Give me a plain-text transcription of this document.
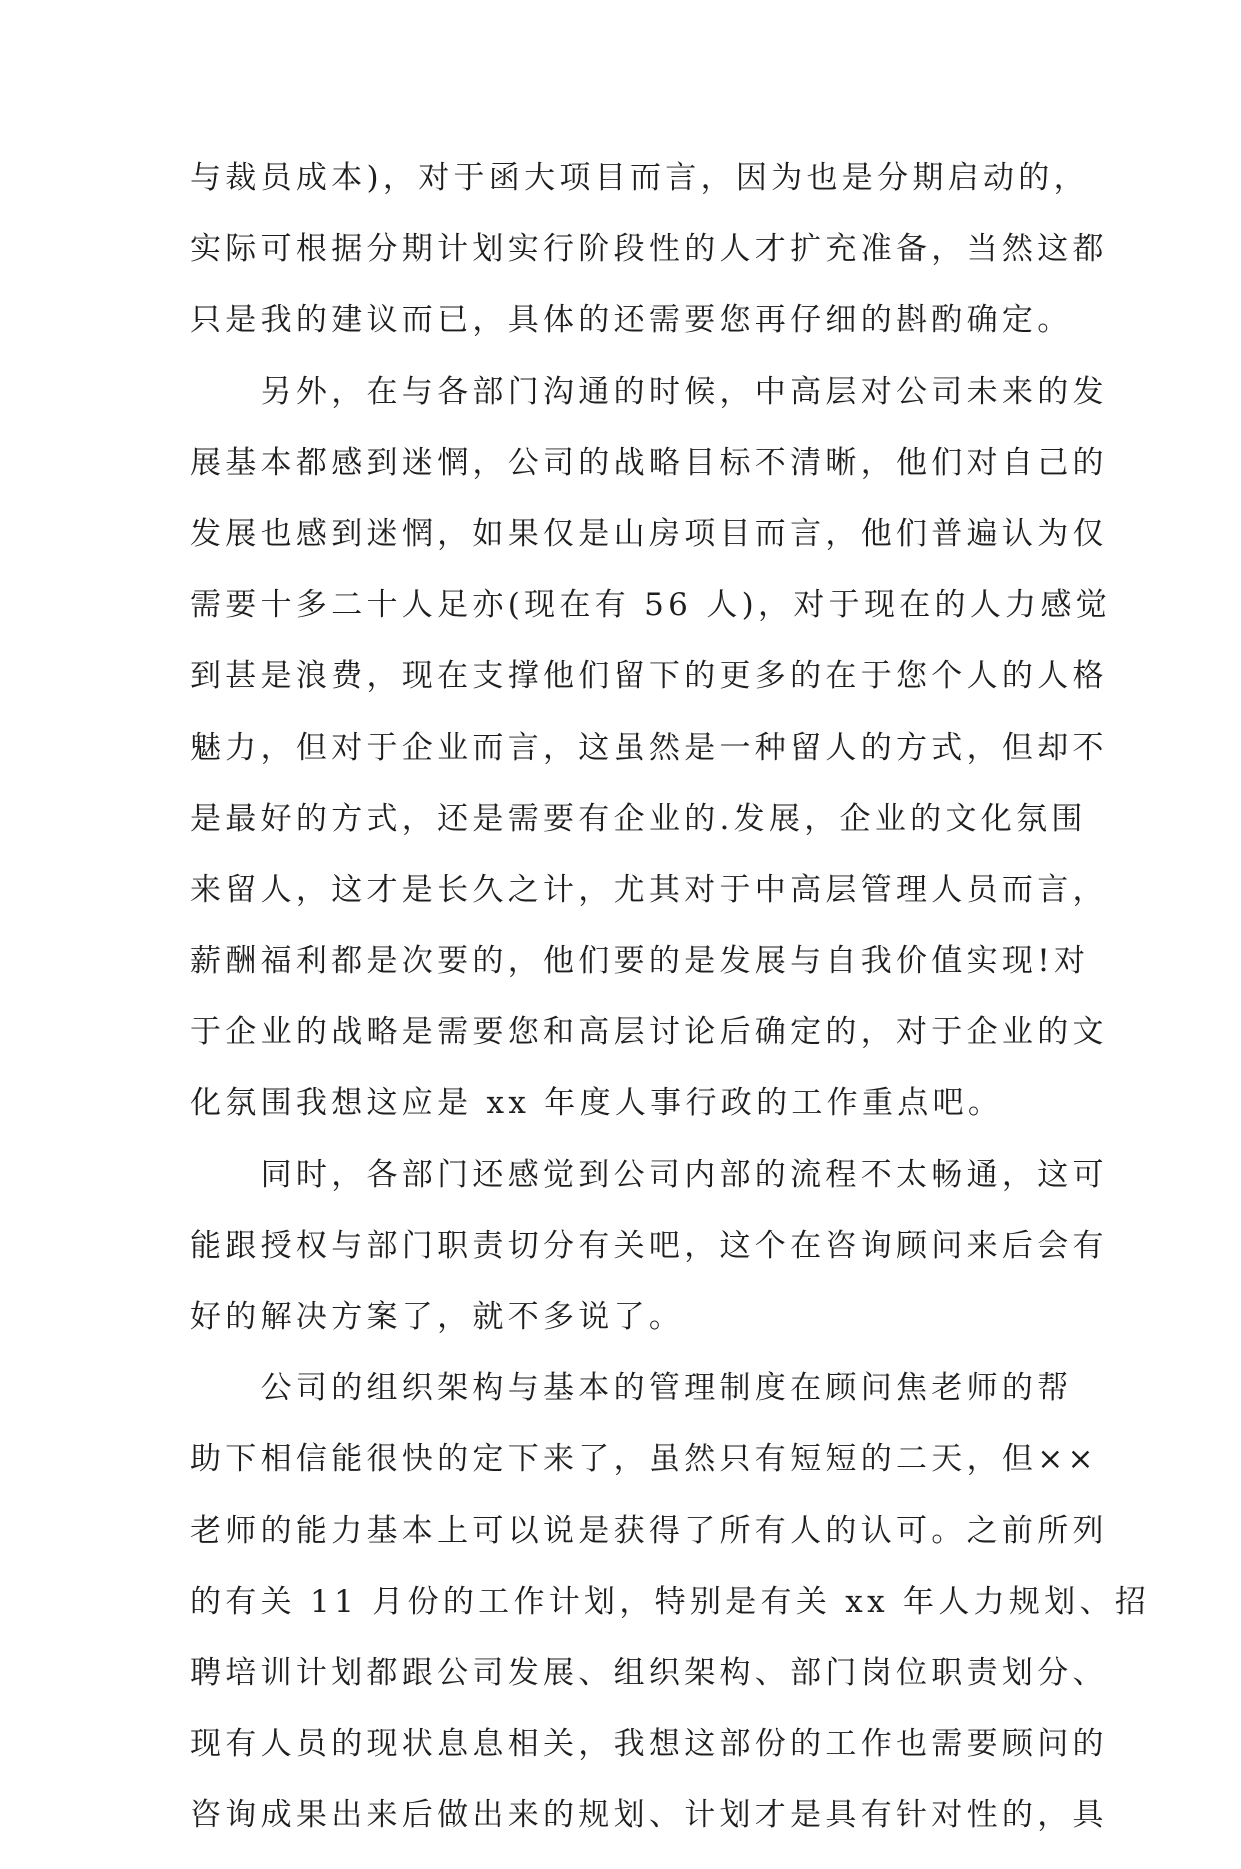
与裁员成本)，对于函大项目而言，因为也是分期启动的，

实际可根据分期计划实行阶段性的人才扩充准备，当然这都

只是我的建议而已，具体的还需要您再仔细的斟酌确定。

　　另外，在与各部门沟通的时候，中高层对公司未来的发

展基本都感到迷惘，公司的战略目标不清晰，他们对自己的

发展也感到迷惘，如果仅是山房项目而言，他们普遍认为仅

需要十多二十人足亦(现在有 56 人)，对于现在的人力感觉

到甚是浪费，现在支撑他们留下的更多的在于您个人的人格

魅力，但对于企业而言，这虽然是一种留人的方式，但却不

是最好的方式，还是需要有企业的.发展，企业的文化氛围

来留人，这才是长久之计，尤其对于中高层管理人员而言，

薪酬福利都是次要的，他们要的是发展与自我价值实现!对

于企业的战略是需要您和高层讨论后确定的，对于企业的文

化氛围我想这应是 xx 年度人事行政的工作重点吧。

　　同时，各部门还感觉到公司内部的流程不太畅通，这可

能跟授权与部门职责切分有关吧，这个在咨询顾问来后会有

好的解决方案了，就不多说了。

　　公司的组织架构与基本的管理制度在顾问焦老师的帮

助下相信能很快的定下来了，虽然只有短短的二天，但××

老师的能力基本上可以说是获得了所有人的认可。之前所列

的有关 11 月份的工作计划，特别是有关 xx 年人力规划、招

聘培训计划都跟公司发展、组织架构、部门岗位职责划分、

现有人员的现状息息相关，我想这部份的工作也需要顾问的

咨询成果出来后做出来的规划、计划才是具有针对性的，具
